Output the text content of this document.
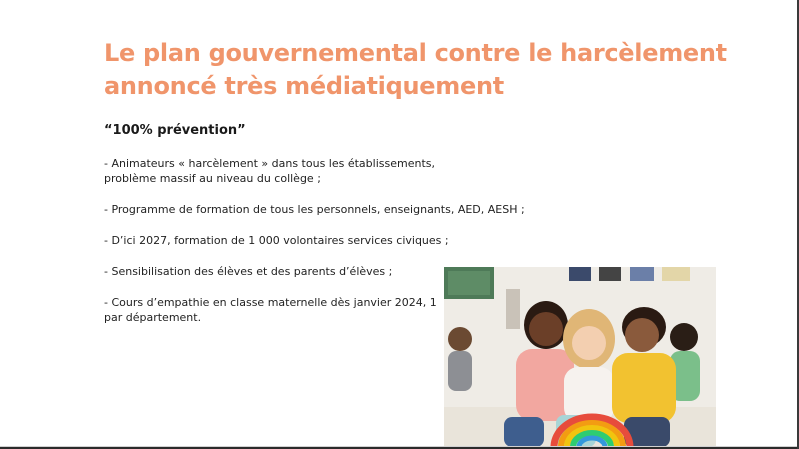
Le plan gouvernemental contre le harcèlement annoncé très médiatiquement
“100% prévention”
- Animateurs « harcèlement » dans tous les établissements, problème massif au niveau du collège ;
- Programme de formation de tous les personnels, enseignants, AED, AESH ;
- D’ici 2027, formation de 1 000 volontaires services civiques ;
- Sensibilisation des élèves et des parents d’élèves ;
- Cours d’empathie en classe maternelle dès janvier 2024, 1 par département.
